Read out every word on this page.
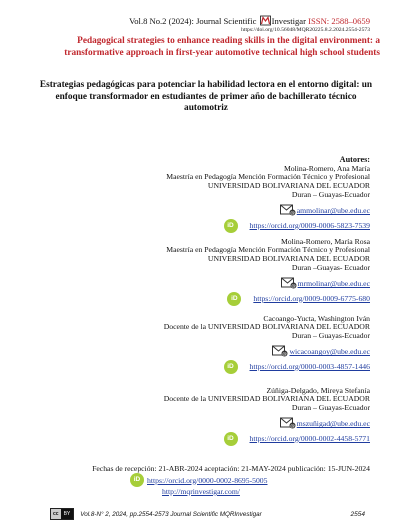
Vol.8 No.2 (2024): Journal Scientific Investigar ISSN: 2588–0659
https://doi.org/10.56048/MQR20225.8.2.2024.2554-2573
Pedagogical strategies to enhance reading skills in the digital environment: a transformative approach in first-year automotive technical high school students
Estrategias pedagógicas para potenciar la habilidad lectora en el entorno digital: un enfoque transformador en estudiantes de primer año de bachillerato técnico automotriz
Autores:
Molina-Romero, Ana María
Maestría en Pedagogía Mención Formación Técnico y Profesional
UNIVERSIDAD BOLIVARIANA DEL ECUADOR
Duran – Guayas-Ecuador
@ ammolinar@ube.edu.ec
iD	https://orcid.org/0009-0006-5823-7539
Molina-Romero, María Rosa
Maestría en Pedagogía Mención Formación Técnico y Profesional
UNIVERSIDAD BOLIVARIANA DEL ECUADOR
Duran –Guayas- Ecuador
@ mrmolinar@ube.edu.ec
iD	https://orcid.org/0009-0009-6775-680
Cacoango-Yucta, Washington Iván
Docente de la UNIVERSIDAD BOLIVARIANA DEL ECUADOR
Duran – Guayas-Ecuador
@ wicacoangoy@ube.edu.ec
iD	https://orcid.org/0000-0003-4857-1446
Zúñiga-Delgado, Mireya Stefanía
Docente de la UNIVERSIDAD BOLIVARIANA DEL ECUADOR
Duran – Guayas-Ecuador
@ mszuñigad@ube.edu.ec
iD	https://orcid.org/0000-0002-4458-5771
Fechas de recepción: 21-ABR-2024 aceptación: 21-MAY-2024 publicación: 15-JUN-2024
iD https://orcid.org/0000-0002-8695-5005
http://mqrinvestigar.com/
cc	BY	Vol.8-N° 2, 2024, pp.2554-2573 Journal Scientific MQRInvestigar	2554
